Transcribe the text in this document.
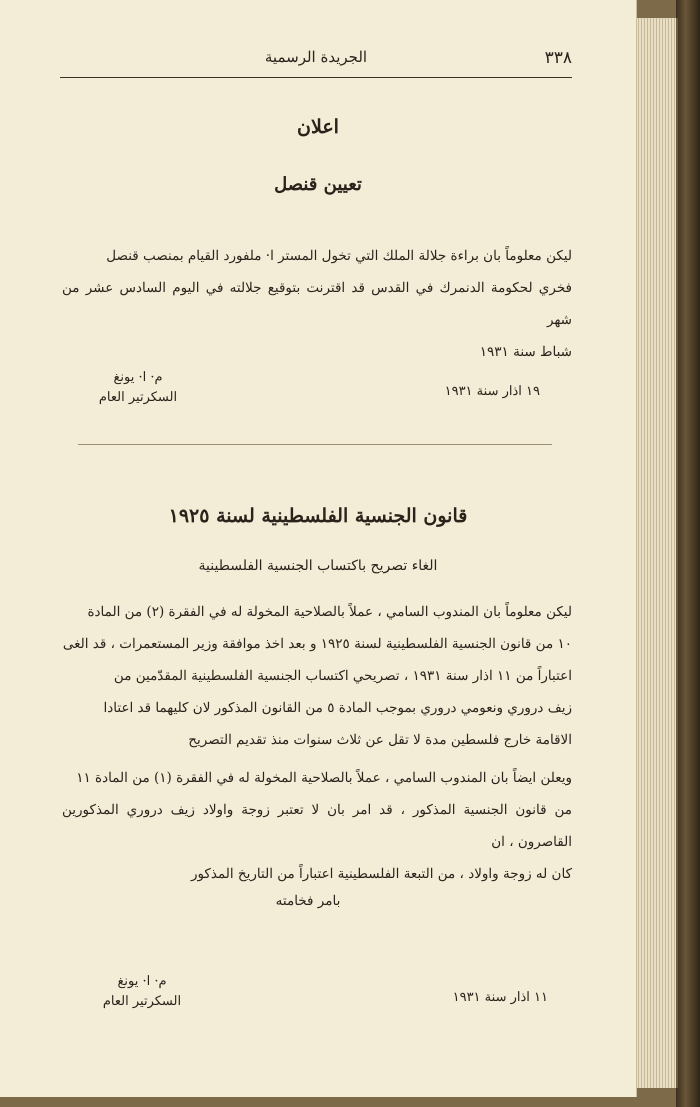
٣٣٨
الجريدة الرسمية
اعلان
تعيين قنصل
ليكن معلوماً بان براءة جلالة الملك التي تخول المستر ا· ملفورد القيام بمنصب قنصل
فخري لحكومة الدنمرك في القدس قد اقترنت بتوقيع جلالته في اليوم السادس عشر من شهر
شباط سنة ١٩٣١
١٩ اذار سنة ١٩٣١
م· ا· يونغ
السكرتير العام
قانون الجنسية الفلسطينية لسنة ١٩٢٥
الغاء تصريح باكتساب الجنسية الفلسطينية
ليكن معلوماً بان المندوب السامي ، عملاً بالصلاحية المخولة له في الفقرة (٢) من المادة
١٠ من قانون الجنسية الفلسطينية لسنة ١٩٢٥ و بعد اخذ موافقة وزير المستعمرات ، قد الغى
اعتباراً من ١١ اذار سنة ١٩٣١ ، تصريحي اكتساب الجنسية الفلسطينية المقدّمين من
زيف دروري ونعومي دروري بموجب المادة ٥ من القانون المذكور لان كليهما قد اعتادا
الاقامة خارج فلسطين مدة لا تقل عن ثلاث سنوات منذ تقديم التصريح
ويعلن ايضاً بان المندوب السامي ، عملاً بالصلاحية المخولة له في الفقرة (١) من المادة ١١
من قانون الجنسية المذكور ، قد امر بان لا تعتبر زوجة واولاد زيف دروري المذكورين القاصرون ، ان
كان له زوجة واولاد ، من التبعة الفلسطينية اعتباراً من التاريخ المذكور
بامر فخامته
١١ اذار سنة ١٩٣١
م· ا· يونغ
السكرتير العام
